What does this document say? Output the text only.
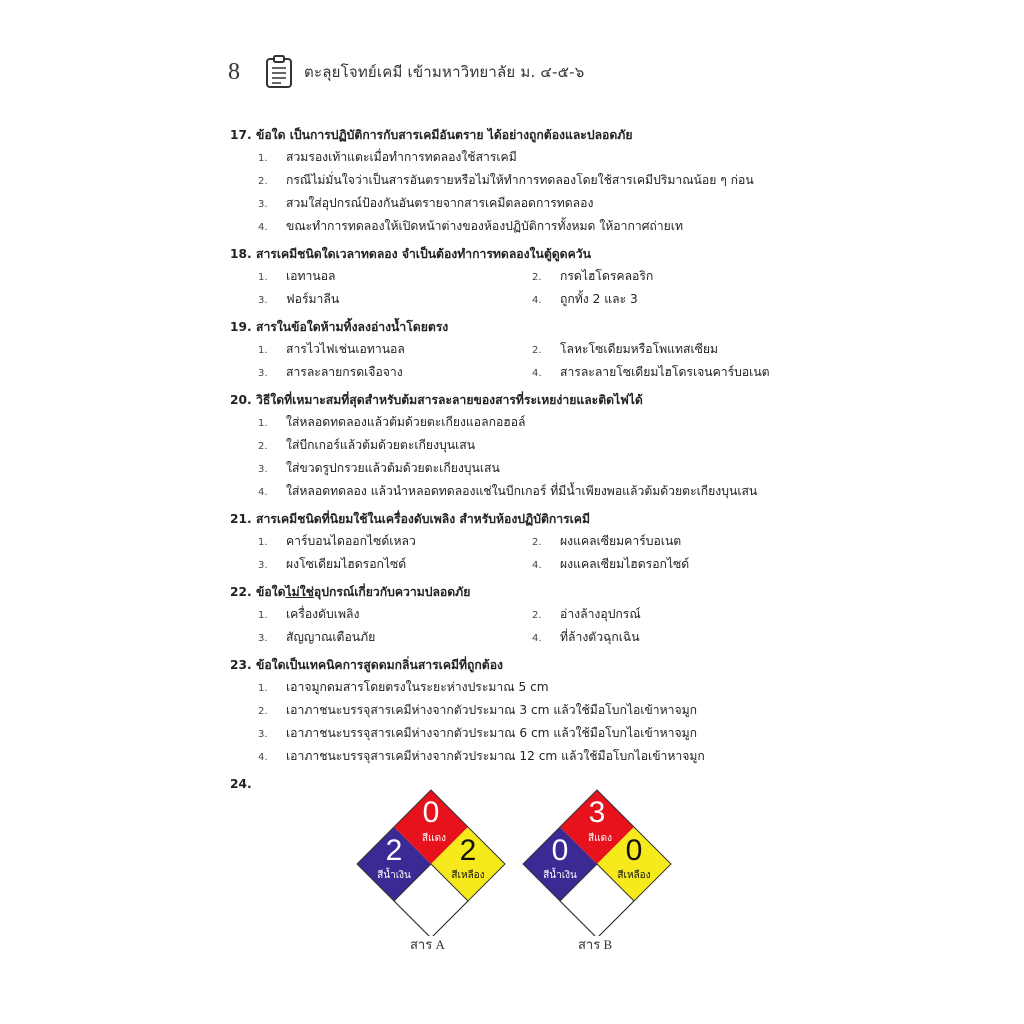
8	ตะลุยโจทย์เคมี เข้ามหาวิทยาลัย ม. ๔-๕-๖
17. ข้อใด เป็นการปฏิบัติการกับสารเคมีอันตราย ได้อย่างถูกต้องและปลอดภัย
1. สวมรองเท้าแตะเมื่อทำการทดลองใช้สารเคมี
2. กรณีไม่มั่นใจว่าเป็นสารอันตรายหรือไม่ให้ทำการทดลองโดยใช้สารเคมีปริมาณน้อย ๆ ก่อน
3. สวมใส่อุปกรณ์ป้องกันอันตรายจากสารเคมีตลอดการทดลอง
4. ขณะทำการทดลองให้เปิดหน้าต่างของห้องปฏิบัติการทั้งหมด ให้อากาศถ่ายเท
18. สารเคมีชนิดใดเวลาทดลอง จำเป็นต้องทำการทดลองในตู้ดูดควัน
1. เอทานอล	2. กรดไฮโดรคลอริก
3. ฟอร์มาลีน	4. ถูกทั้ง 2 และ 3
19. สารในข้อใดห้ามทิ้งลงอ่างน้ำโดยตรง
1. สารไวไฟเช่นเอทานอล	2. โลหะโซเดียมหรือโพแทสเซียม
3. สารละลายกรดเจือจาง	4. สารละลายโซเดียมไฮโดรเจนคาร์บอเนต
20. วิธีใดที่เหมาะสมที่สุดสำหรับต้มสารละลายของสารที่ระเหยง่ายและติดไฟได้
1. ใส่หลอดทดลองแล้วต้มด้วยตะเกียงแอลกอฮอล์
2. ใส่บีกเกอร์แล้วต้มด้วยตะเกียงบุนเสน
3. ใส่ขวดรูปกรวยแล้วต้มด้วยตะเกียงบุนเสน
4. ใส่หลอดทดลอง แล้วนำหลอดทดลองแช่ในบีกเกอร์ ที่มีน้ำเพียงพอแล้วต้มด้วยตะเกียงบุนเสน
21. สารเคมีชนิดที่นิยมใช้ในเครื่องดับเพลิง สำหรับห้องปฏิบัติการเคมี
1. คาร์บอนไดออกไซด์เหลว	2. ผงแคลเซียมคาร์บอเนต
3. ผงโซเดียมไฮดรอกไซด์	4. ผงแคลเซียมไฮดรอกไซด์
22. ข้อใดไม่ใช่อุปกรณ์เกี่ยวกับความปลอดภัย
1. เครื่องดับเพลิง	2. อ่างล้างอุปกรณ์
3. สัญญาณเตือนภัย	4. ที่ล้างตัวฉุกเฉิน
23. ข้อใดเป็นเทคนิคการสูดดมกลิ่นสารเคมีที่ถูกต้อง
1. เอาจมูกดมสารโดยตรงในระยะห่างประมาณ 5 cm
2. เอาภาชนะบรรจุสารเคมีห่างจากตัวประมาณ 3 cm แล้วใช้มือโบกไอเข้าหาจมูก
3. เอาภาชนะบรรจุสารเคมีห่างจากตัวประมาณ 6 cm แล้วใช้มือโบกไอเข้าหาจมูก
4. เอาภาชนะบรรจุสารเคมีห่างจากตัวประมาณ 12 cm แล้วใช้มือโบกไอเข้าหาจมูก
24.
0
สีแดง
2
สีน้ำเงิน
2
สีเหลือง
สาร A
3
สีแดง
0
สีน้ำเงิน
0
สีเหลือง
สาร B
